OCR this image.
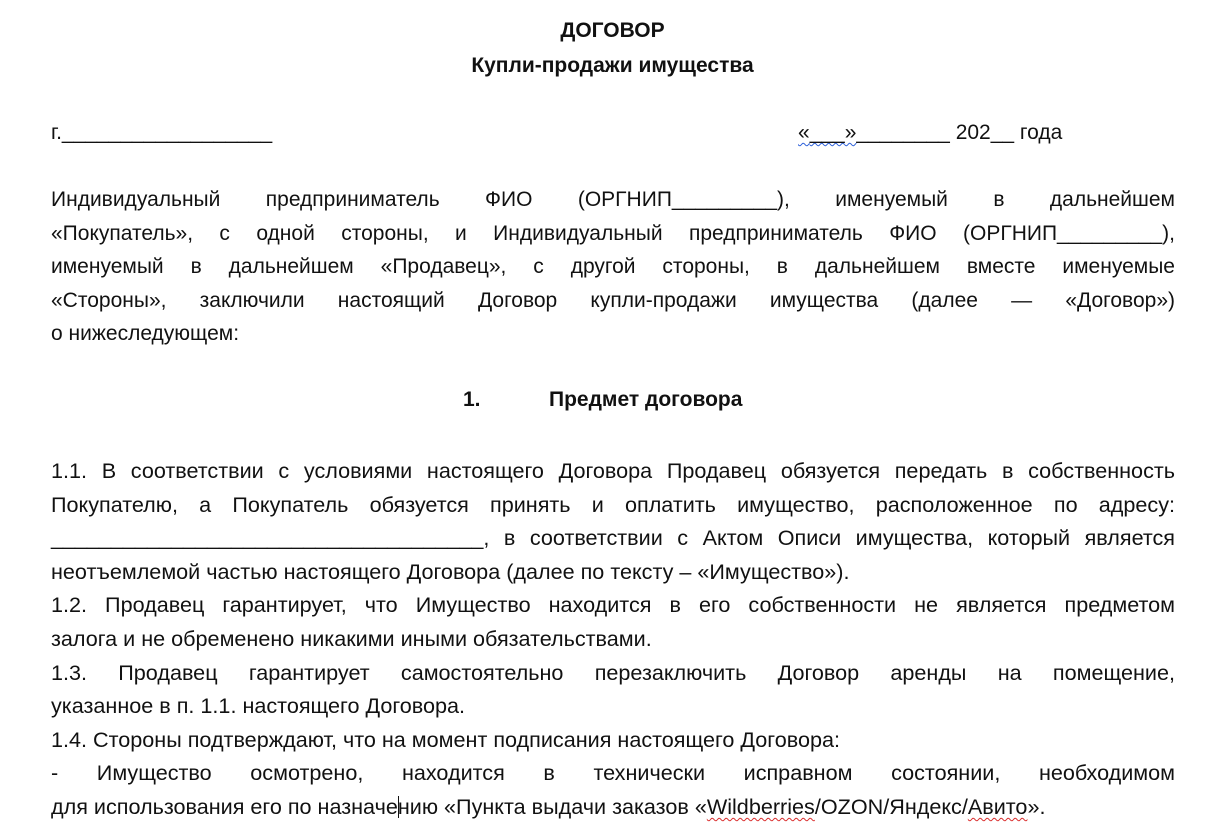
ДОГОВОР
Купли-продажи имущества
г.__________________	«___»________ 202__ года
Индивидуальный предприниматель ФИО (ОРГНИП_________), именуемый в дальнейшем
«Покупатель», с одной стороны, и Индивидуальный предприниматель ФИО (ОРГНИП_________),
именуемый в дальнейшем «Продавец», с другой стороны, в дальнейшем вместе именуемые
«Стороны», заключили настоящий Договор купли-продажи имущества (далее — «Договор»)
о нижеследующем:
1.	Предмет договора
1.1. В соответствии с условиями настоящего Договора Продавец обязуется передать в собственность
Покупателю, а Покупатель обязуется принять и оплатить имущество, расположенное по адресу:
____________________________________, в соответствии с Актом Описи имущества, который является
неотъемлемой частью настоящего Договора (далее по тексту – «Имущество»).
1.2. Продавец гарантирует, что Имущество находится в его собственности не является предметом
залога и не обременено никакими иными обязательствами.
1.3. Продавец гарантирует самостоятельно перезаключить Договор аренды на помещение,
указанное в п. 1.1. настоящего Договора.
1.4. Стороны подтверждают, что на момент подписания настоящего Договора:
- Имущество осмотрено, находится в технически исправном состоянии, необходимом
для использования его по назначению «Пункта выдачи заказов «Wildberries/OZON/Яндекс/Авито».
